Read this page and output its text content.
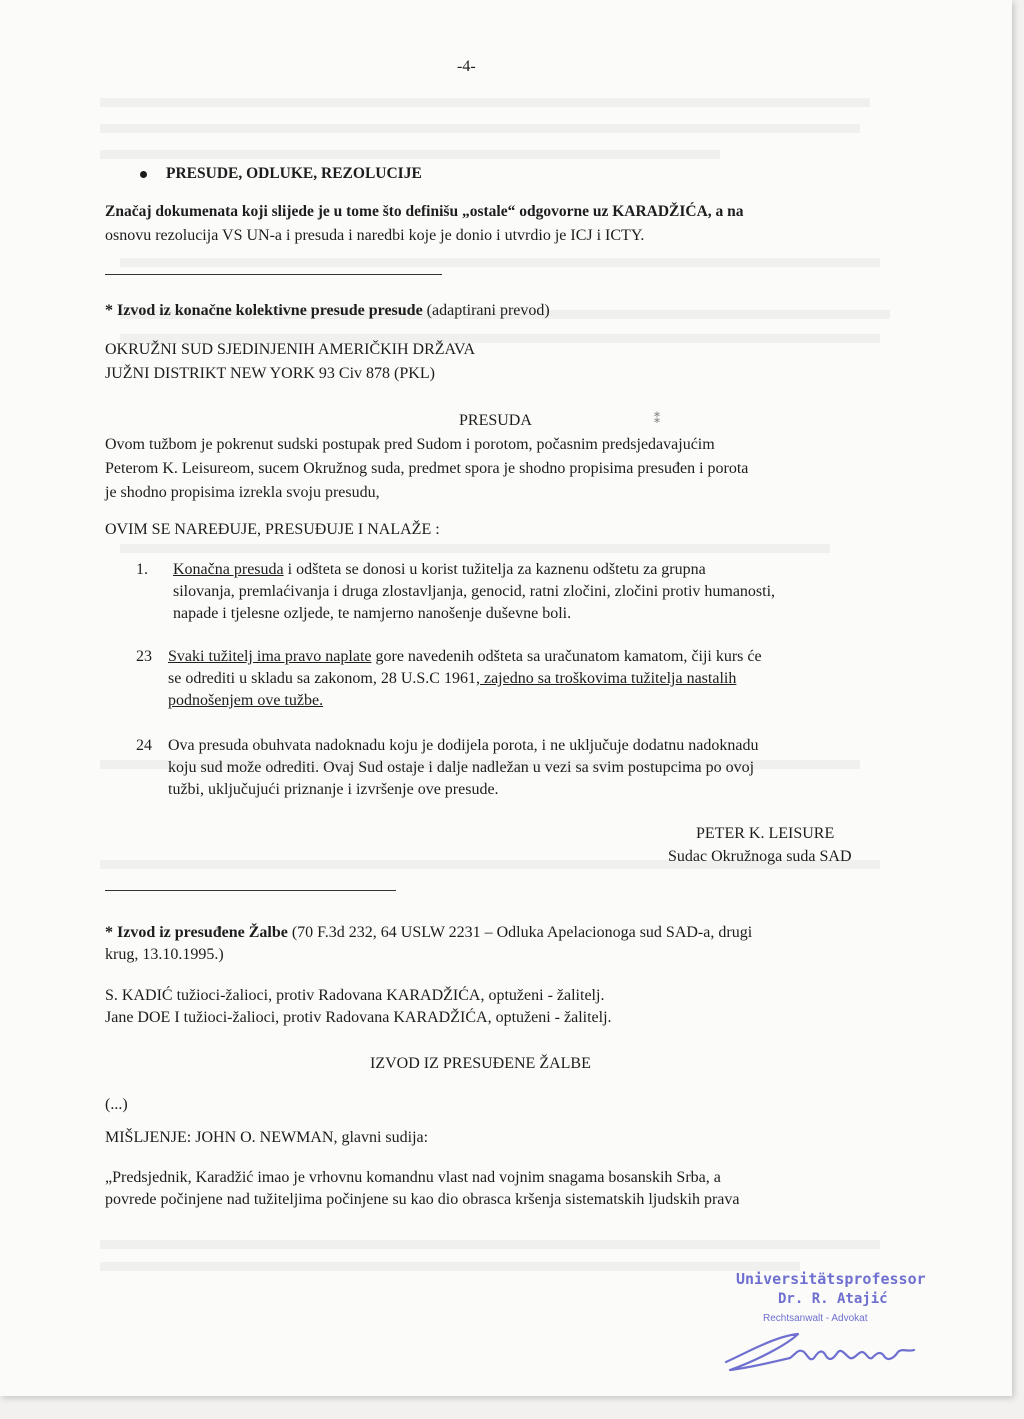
-4-
PRESUDE, ODLUKE, REZOLUCIJE
Značaj dokumenata koji slijede je u tome što definišu „ostale“ odgovorne uz KARADŽIĆA, a na
osnovu rezolucija VS UN-a i presuda i naredbi koje je donio i utvrdio je ICJ i ICTY.
* Izvod iz konačne kolektivne presude presude (adaptirani prevod)
OKRUŽNI SUD SJEDINJENIH AMERIČKIH DRŽAVA
JUŽNI DISTRIKT NEW YORK 93 Civ 878 (PKL)
PRESUDA	⁑
Ovom tužbom je pokrenut sudski postupak pred Sudom i porotom, počasnim predsjedavajućim
Peterom K. Leisureom, sucem Okružnog suda, predmet spora je shodno propisima presuđen i porota
je shodno propisima izrekla svoju presudu,
OVIM SE NAREĐUJE, PRESUĐUJE I NALAŽE :
1. Konačna presuda i odšteta se donosi u korist tužitelja za kaznenu odštetu za grupna
silovanja, premlaćivanja i druga zlostavljanja, genocid, ratni zločini, zločini protiv humanosti,
napade i tjelesne ozljede, te namjerno nanošenje duševne boli.
23 Svaki tužitelj ima pravo naplate gore navedenih odšteta sa uračunatom kamatom, čiji kurs će
se odrediti u skladu sa zakonom, 28 U.S.C 1961, zajedno sa troškovima tužitelja nastalih
podnošenjem ove tužbe.
24 Ova presuda obuhvata nadoknadu koju je dodijela porota, i ne uključuje dodatnu nadoknadu
koju sud može odrediti. Ovaj Sud ostaje i dalje nadležan u vezi sa svim postupcima po ovoj
tužbi, uključujući priznanje i izvršenje ove presude.
PETER K. LEISURE
Sudac Okružnoga suda SAD
* Izvod iz presuđene Žalbe (70 F.3d 232, 64 USLW 2231 – Odluka Apelacionoga sud SAD-a, drugi
krug, 13.10.1995.)
S. KADIĆ tužioci-žalioci, protiv Radovana KARADŽIĆA, optuženi - žalitelj.
Jane DOE I tužioci-žalioci, protiv Radovana KARADŽIĆA, optuženi - žalitelj.
IZVOD IZ PRESUĐENE ŽALBE
(...)
MIŠLJENJE: JOHN O. NEWMAN, glavni sudija:
„Predsjednik, Karadžić imao je vrhovnu komandnu vlast nad vojnim snagama bosanskih Srba, a
povrede počinjene nad tužiteljima počinjene su kao dio obrasca kršenja sistematskih ljudskih prava
Universitätsprofessor
Dr. R. Atajić
Rechtsanwalt - Advokat
